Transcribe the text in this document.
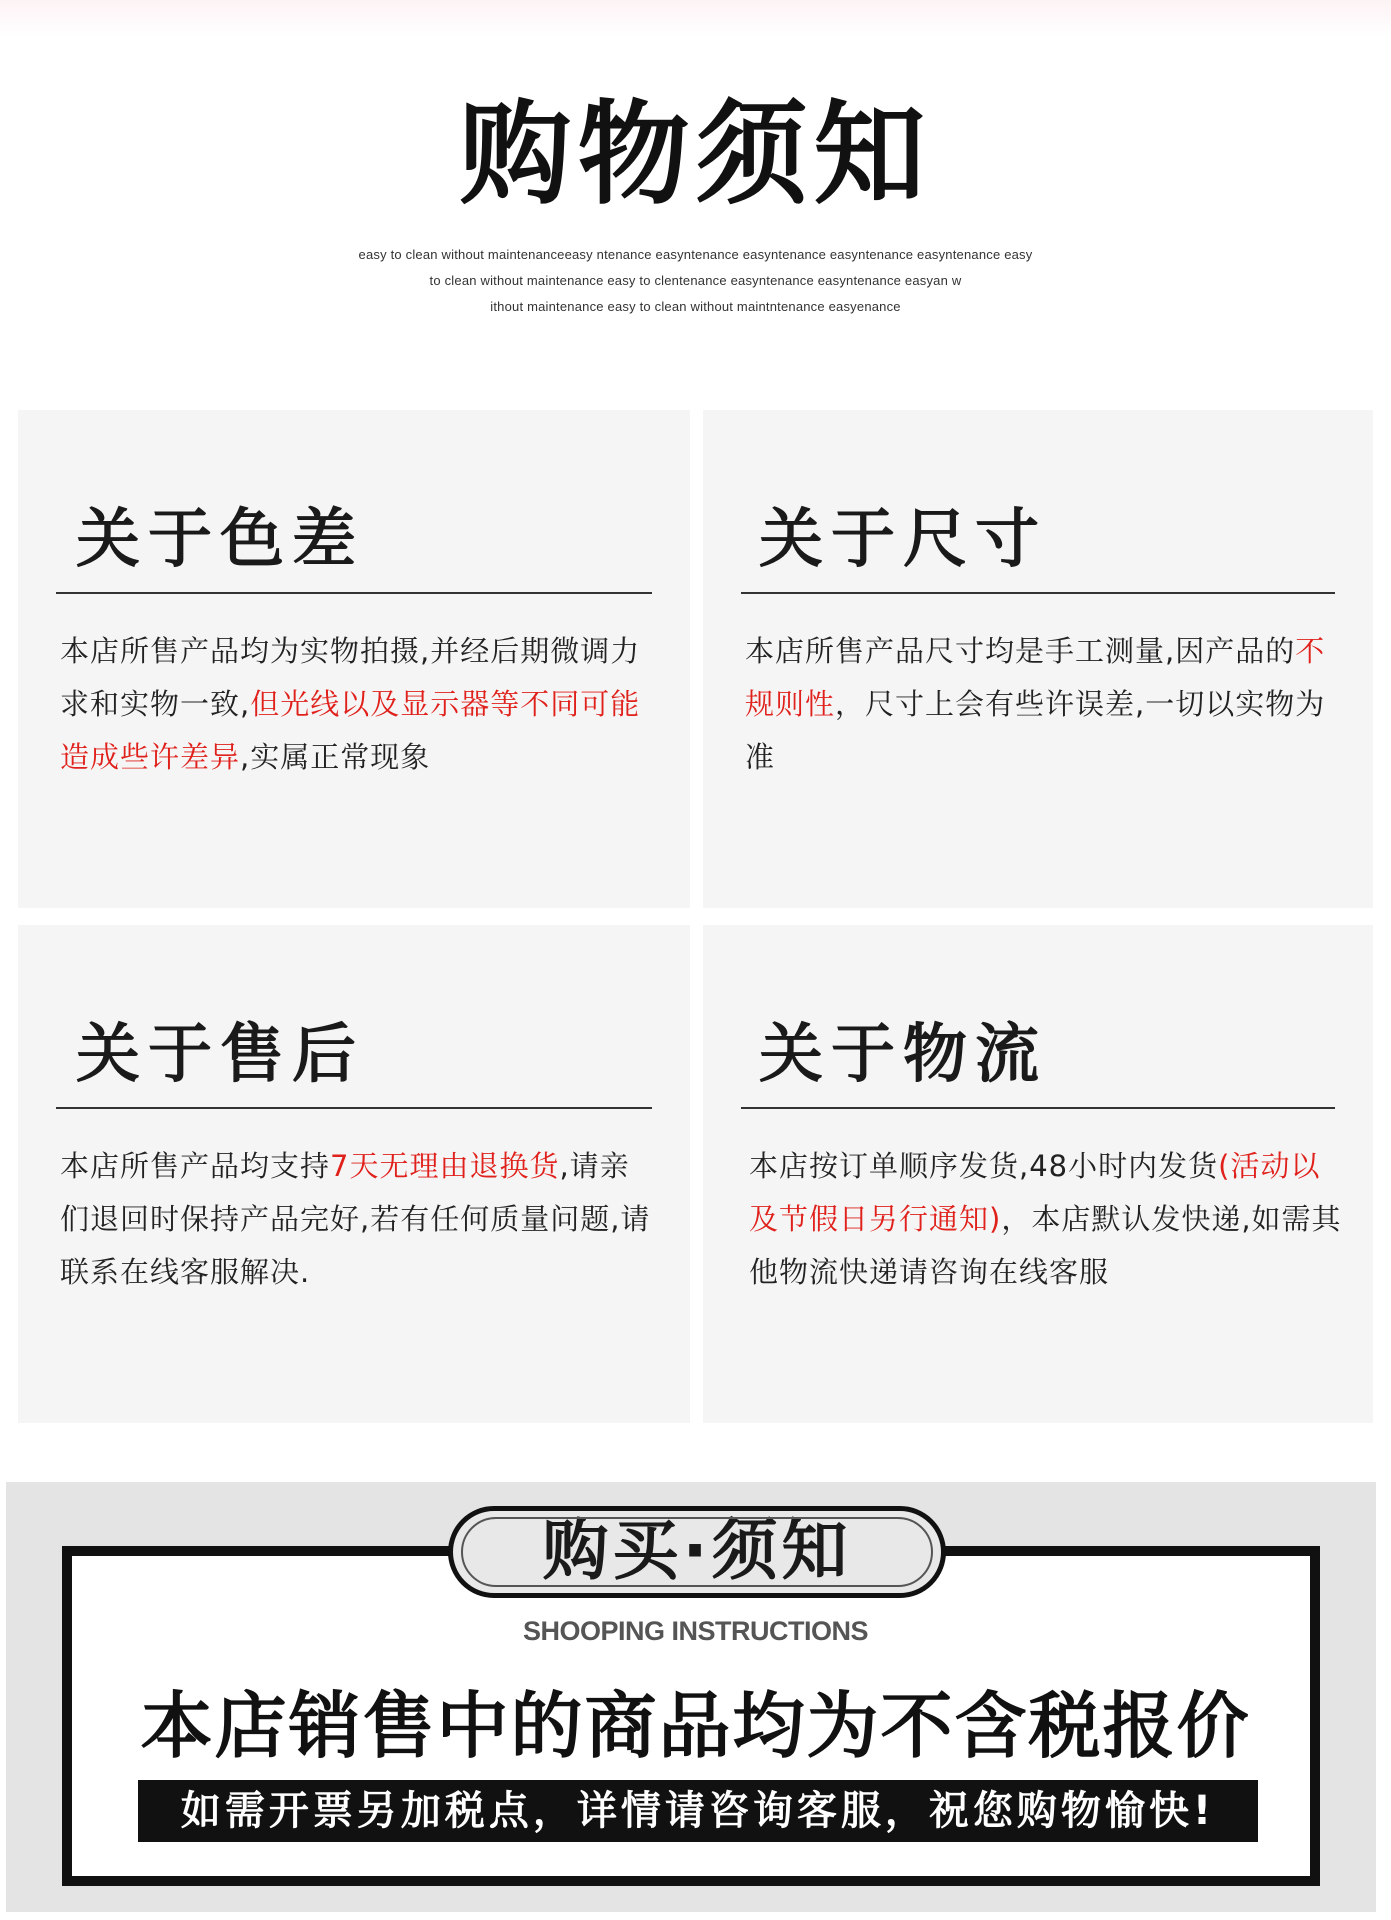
购物须知
easy to clean without maintenanceeasy ntenance easyntenance easyntenance easyntenance easyntenance easy
to clean without maintenance easy to clentenance easyntenance easyntenance easyan w
ithout maintenance easy to clean without maintntenance easyenance
关于色差
本店所售产品均为实物拍摄,并经后期微调力求和实物一致,但光线以及显示器等不同可能造成些许差异,实属正常现象
关于尺寸
本店所售产品尺寸均是手工测量,因产品的不规则性，尺寸上会有些许误差,一切以实物为准
关于售后
本店所售产品均支持7天无理由退换货,请亲们退回时保持产品完好,若有任何质量问题,请联系在线客服解决.
关于物流
本店按订单顺序发货,48小时内发货(活动以及节假日另行通知)，本店默认发快递,如需其他物流快递请咨询在线客服
购买·须知
SHOOPING INSTRUCTIONS
本店销售中的商品均为不含税报价
如需开票另加税点，详情请咨询客服，祝您购物愉快!
